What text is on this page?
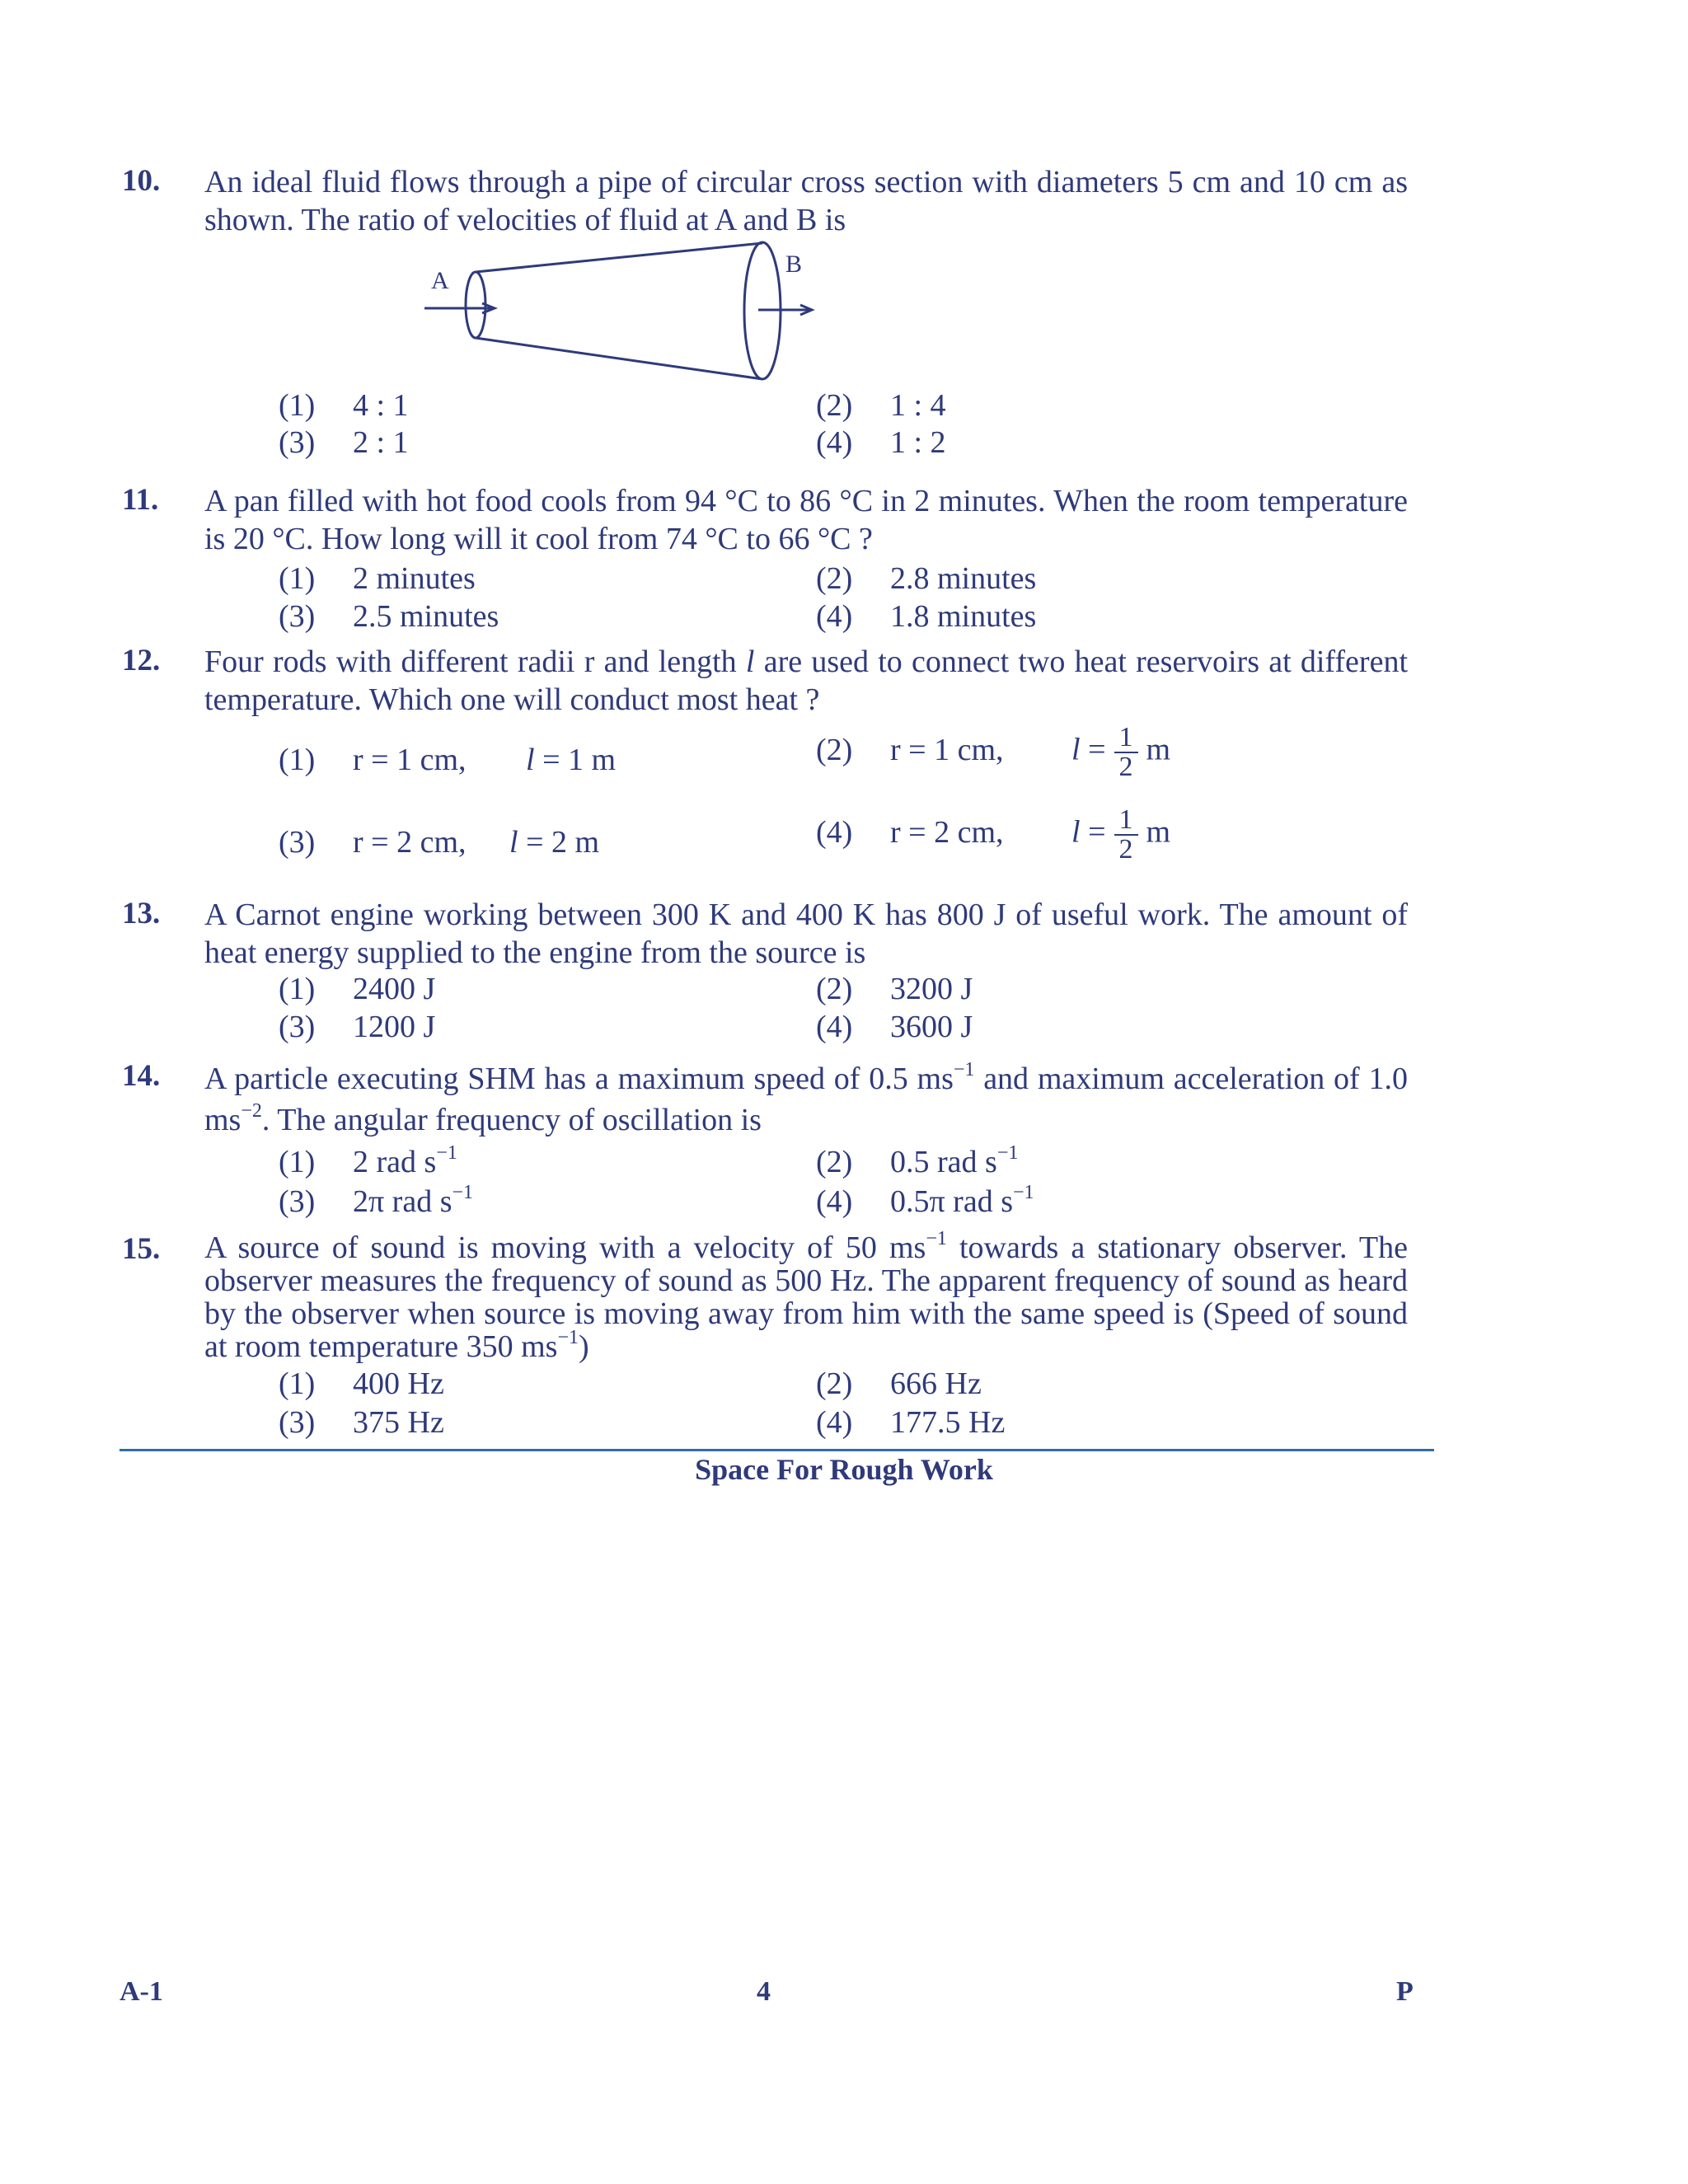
10. An ideal fluid flows through a pipe of circular cross section with diameters 5 cm and 10 cm as shown. The ratio of velocities of fluid at A and B is
A
B
(1) 4 : 1	(2) 1 : 4
(3) 2 : 1	(4) 1 : 2
11. A pan filled with hot food cools from 94 °C to 86 °C in 2 minutes. When the room temperature is 20 °C. How long will it cool from 74 °C to 66 °C ?
(1) 2 minutes	(2) 2.8 minutes
(3) 2.5 minutes	(4) 1.8 minutes
12. Four rods with different radii r and length l are used to connect two heat reservoirs at different temperature. Which one will conduct most heat ?
(1) r = 1 cm, l = 1 m	(2) r = 1 cm, $l = \frac{1}{2}$ m
(3) r = 2 cm, l = 2 m	(4) r = 2 cm, $l = \frac{1}{2}$ m
13. A Carnot engine working between 300 K and 400 K has 800 J of useful work. The amount of heat energy supplied to the engine from the source is
(1) 2400 J	(2) 3200 J
(3) 1200 J	(4) 3600 J
14. A particle executing SHM has a maximum speed of 0.5 $ms^{-1}$ and maximum acceleration of 1.0 $ms^{-2}$. The angular frequency of oscillation is
(1) 2 rad $s^{-1}$	(2) 0.5 rad $s^{-1}$
(3) 2π rad $s^{-1}$	(4) 0.5π rad $s^{-1}$
15. A source of sound is moving with a velocity of 50 $ms^{-1}$ towards a stationary observer. The observer measures the frequency of sound as 500 Hz. The apparent frequency of sound as heard by the observer when source is moving away from him with the same speed is (Speed of sound at room temperature 350 $ms^{-1}$)
(1) 400 Hz	(2) 666 Hz
(3) 375 Hz	(4) 177.5 Hz
Space For Rough Work
A-1	4	P
